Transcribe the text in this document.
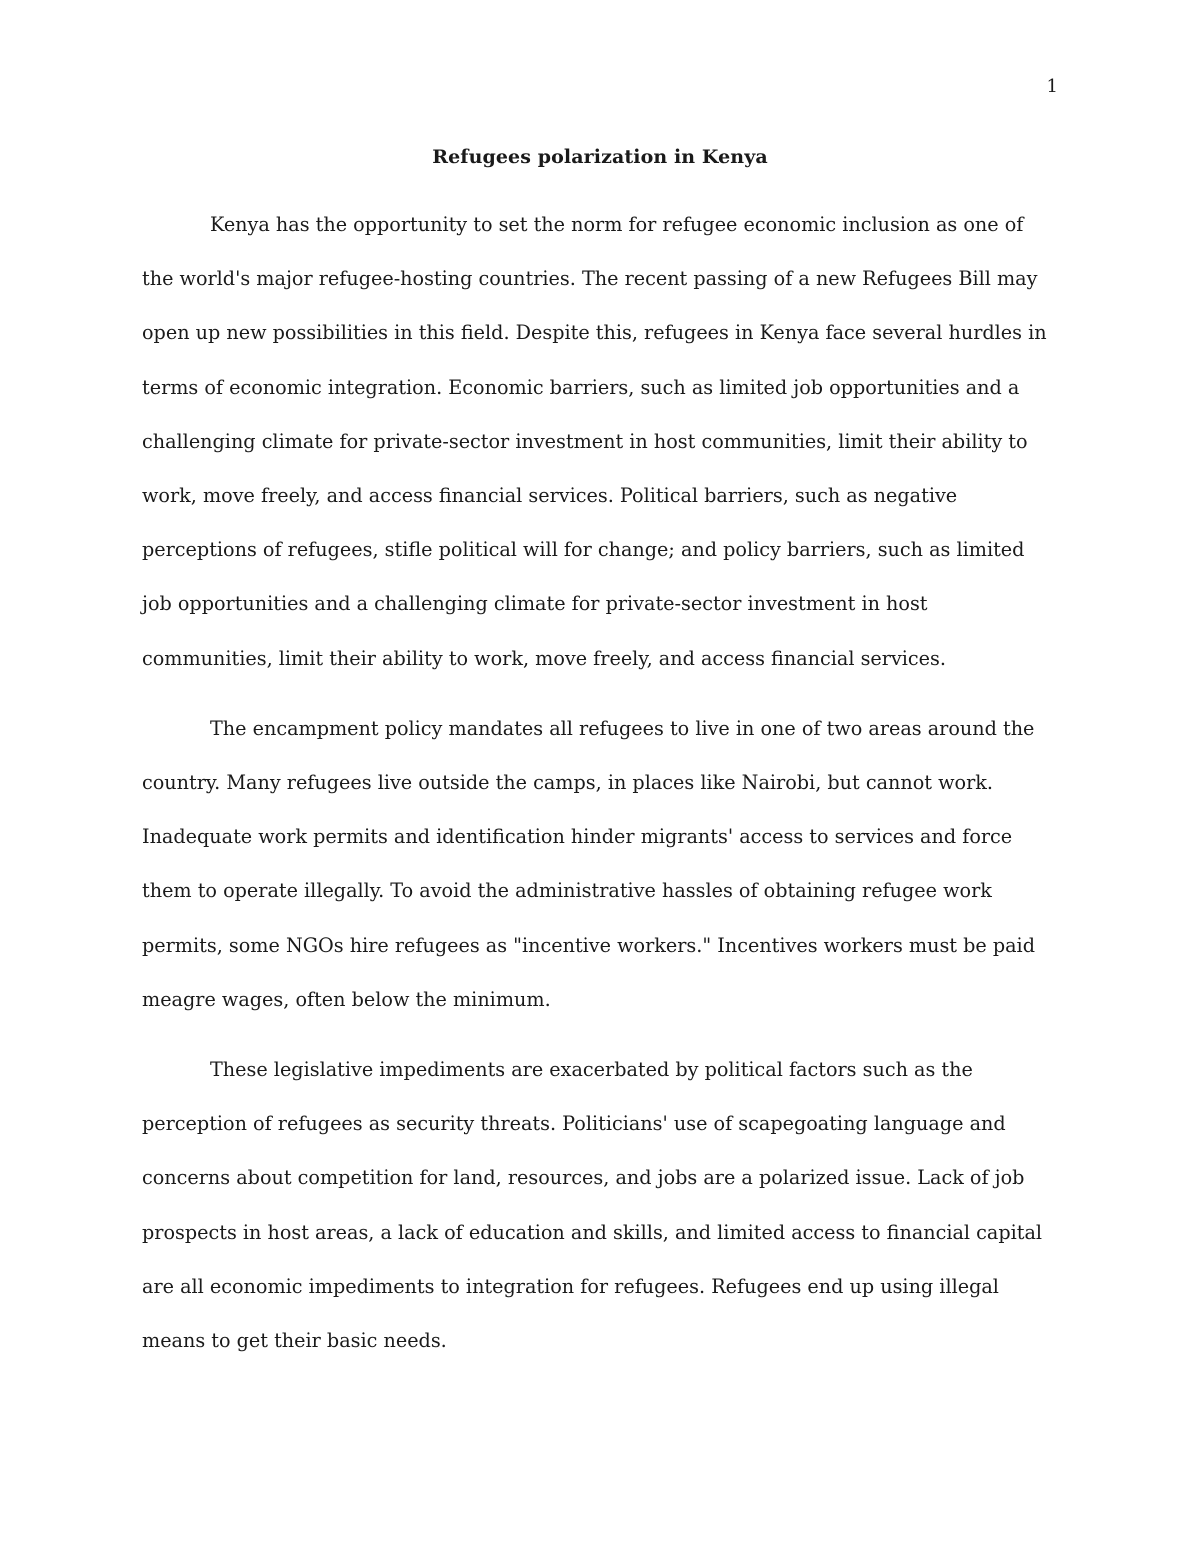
1
Refugees polarization in Kenya

Kenya has the opportunity to set the norm for refugee economic inclusion as one of the world's major refugee-hosting countries. The recent passing of a new Refugees Bill may open up new possibilities in this field. Despite this, refugees in Kenya face several hurdles in terms of economic integration. Economic barriers, such as limited job opportunities and a challenging climate for private-sector investment in host communities, limit their ability to work, move freely, and access financial services. Political barriers, such as negative perceptions of refugees, stifle political will for change; and policy barriers, such as limited job opportunities and a challenging climate for private-sector investment in host communities, limit their ability to work, move freely, and access financial services.

The encampment policy mandates all refugees to live in one of two areas around the country. Many refugees live outside the camps, in places like Nairobi, but cannot work. Inadequate work permits and identification hinder migrants' access to services and force them to operate illegally. To avoid the administrative hassles of obtaining refugee work permits, some NGOs hire refugees as "incentive workers." Incentives workers must be paid meagre wages, often below the minimum.

These legislative impediments are exacerbated by political factors such as the perception of refugees as security threats. Politicians' use of scapegoating language and concerns about competition for land, resources, and jobs are a polarized issue. Lack of job prospects in host areas, a lack of education and skills, and limited access to financial capital are all economic impediments to integration for refugees. Refugees end up using illegal means to get their basic needs.
